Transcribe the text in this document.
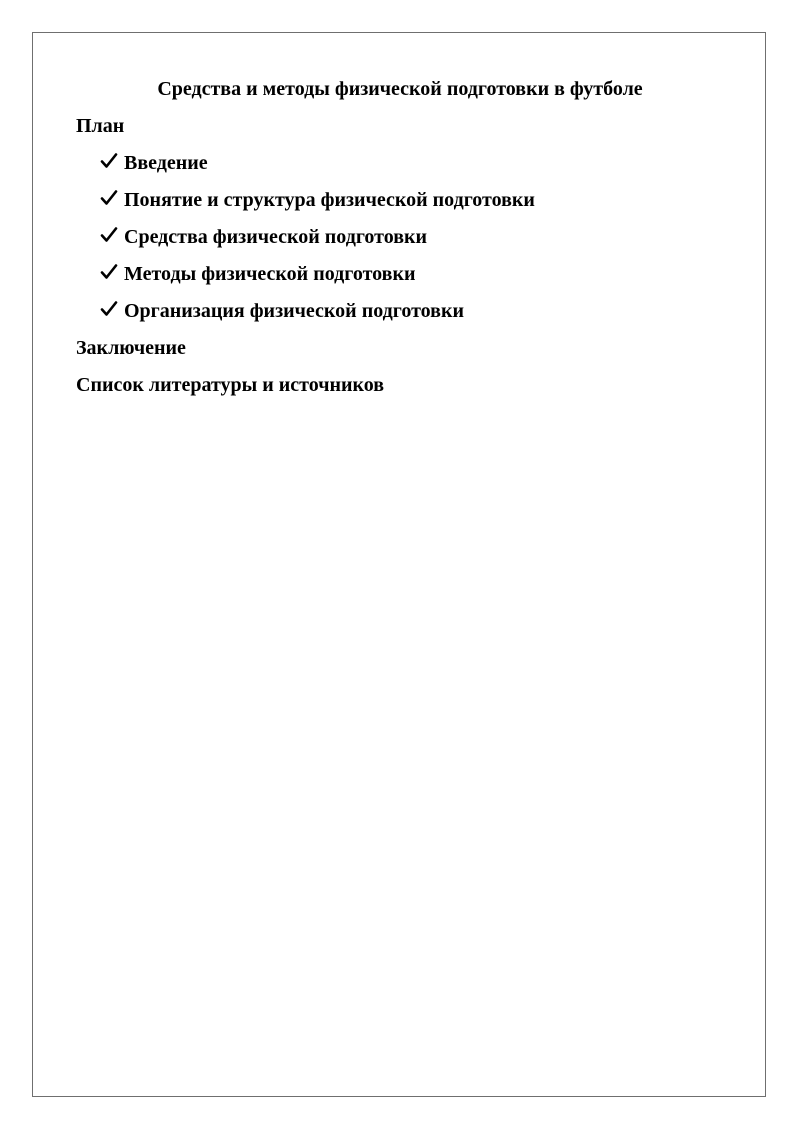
Средства и методы физической подготовки в футболе
План
Введение
Понятие и структура физической подготовки
Средства физической подготовки
Методы физической подготовки
Организация физической подготовки
Заключение
Список литературы и источников
